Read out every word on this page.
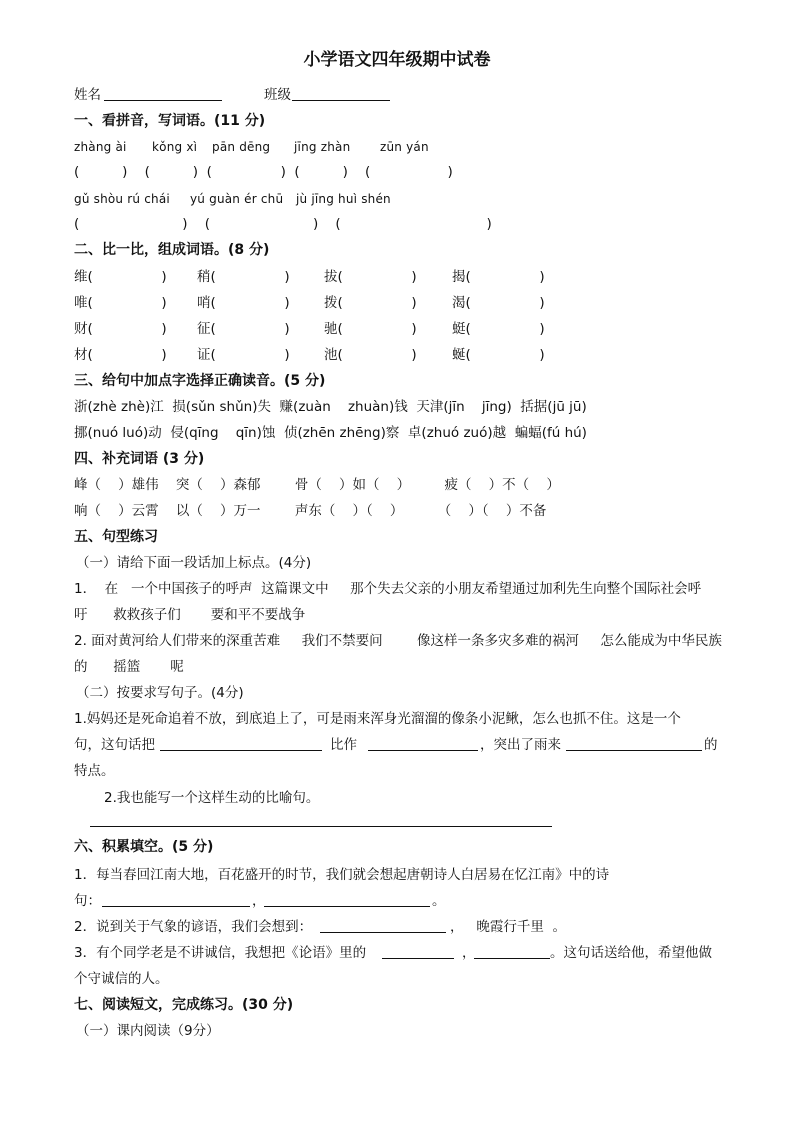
小学语文四年级期中试卷
姓名	班级
一、看拼音，写词语。(11 分)
zhàng ài kǒng xì pān dēng jīng zhàn zūn yán
(          )    (          )  (                )  (          )    (                  )
gǔ shòu rú chái yú guàn ér chū jù jīng huì shén
(                        )    (                        )    (                                  )
二、比一比，组成词语。(8 分)
维(                ) 稍(                )	拔(                )	揭(                )
唯(                ) 哨(                )	拨(                )	渴(                )
财(                ) 征(                )	驰(                )	蜓(                )
材(                ) 证(                )	池(                )	蜒(                )
三、给句中加点字选择正确读音。(5 分)
浙(zhè zhè)江  损(sǔn shǔn)失  赚(zuàn    zhuàn)钱  天津(jīn    jīng)  括据(jū jū)
挪(nuó luó)动  侵(qīng    qīn)蚀  侦(zhēn zhēng)察  卓(zhuó zuó)越  蝙蝠(fú hú)
四、补充词语 (3 分)
峰（    ）雄伟    突（    ）森郁        骨（    ）如（    ）        疲（    ）不（    ）
响（    ）云霄    以（    ）万一        声东（    ）（    ）        （    ）（    ）不备
五、句型练习
（一）请给下面一段话加上标点。(4分)
1．  在   一个中国孩子的呼声  这篇课文中     那个失去父亲的小朋友希望通过加利先生向整个国际社会呼
吁      救救孩子们       要和平不要战争
2. 面对黄河给人们带来的深重苦难     我们不禁要问        像这样一条多灾多难的祸河     怎么能成为中华民族
的      摇篮       呢
（二）按要求写句子。(4分)
1.妈妈还是死命追着不放，到底追上了，可是雨来浑身光溜溜的像条小泥鳅，怎么也抓不住。这是一个
句，这句话把	比作	，突出了雨来	的
特点。
2.我也能写一个这样生动的比喻句。
六、积累填空。(5 分)
1．每当春回江南大地，百花盛开的时节，我们就会想起唐朝诗人白居易在忆江南》中的诗
句：	，	。
2．说到关于气象的谚语，我们会想到：	，   晚霞行千里  。
3．有个同学老是不讲诚信，我想把《论语》里的	，	。这句话送给他，希望他做
个守诚信的人。
七、阅读短文，完成练习。(30 分)
（一）课内阅读（9分）
